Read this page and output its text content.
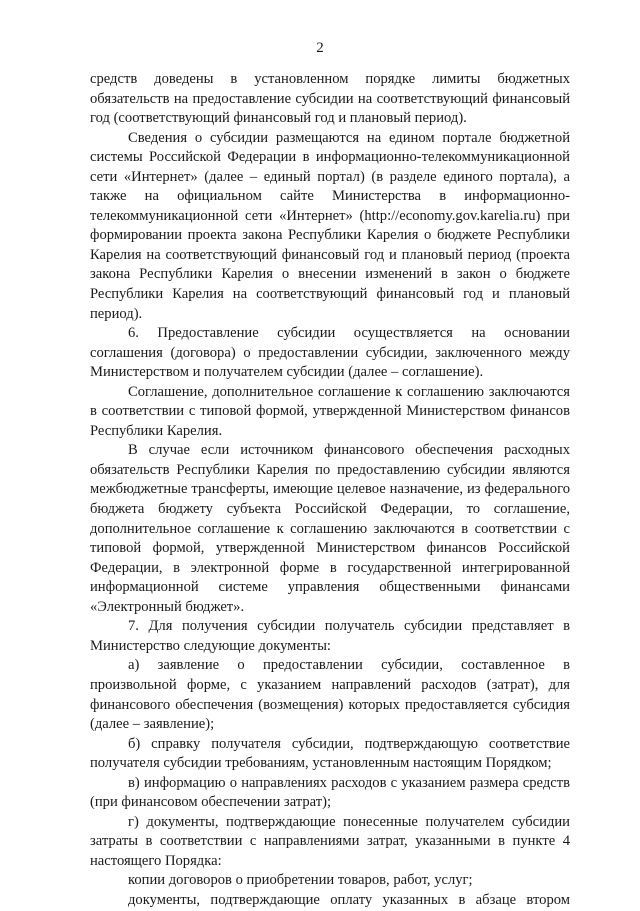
2

средств доведены в установленном порядке лимиты бюджетных обязательств на предоставление субсидии на соответствующий финансовый год (соответствующий финансовый год и плановый период).

Сведения о субсидии размещаются на едином портале бюджетной системы Российской Федерации в информационно-телекоммуникационной сети «Интернет» (далее – единый портал) (в разделе единого портала), а также на официальном сайте Министерства в информационно-телекоммуникационной сети «Интернет» (http://economy.gov.karelia.ru) при формировании проекта закона Республики Карелия о бюджете Республики Карелия на соответствующий финансовый год и плановый период (проекта закона Республики Карелия о внесении изменений в закон о бюджете Республики Карелия на соответствующий финансовый год и плановый период).

6. Предоставление субсидии осуществляется на основании соглашения (договора) о предоставлении субсидии, заключенного между Министерством и получателем субсидии (далее – соглашение).

Соглашение, дополнительное соглашение к соглашению заключаются в соответствии с типовой формой, утвержденной Министерством финансов Республики Карелия.

В случае если источником финансового обеспечения расходных обязательств Республики Карелия по предоставлению субсидии являются межбюджетные трансферты, имеющие целевое назначение, из федерального бюджета бюджету субъекта Российской Федерации, то соглашение, дополнительное соглашение к соглашению заключаются в соответствии с типовой формой, утвержденной Министерством финансов Российской Федерации, в электронной форме в государственной интегрированной информационной системе управления общественными финансами «Электронный бюджет».

7. Для получения субсидии получатель субсидии представляет в Министерство следующие документы:

а) заявление о предоставлении субсидии, составленное в произвольной форме, с указанием направлений расходов (затрат), для финансового обеспечения (возмещения) которых предоставляется субсидия (далее – заявление);

б) справку получателя субсидии, подтверждающую соответствие получателя субсидии требованиям, установленным настоящим Порядком;

в) информацию о направлениях расходов с указанием размера средств (при финансовом обеспечении затрат);

г) документы, подтверждающие понесенные получателем субсидии затраты в соответствии с направлениями затрат, указанными в пункте 4 настоящего Порядка:

копии договоров о приобретении товаров, работ, услуг;

документы, подтверждающие оплату указанных в абзаце втором
